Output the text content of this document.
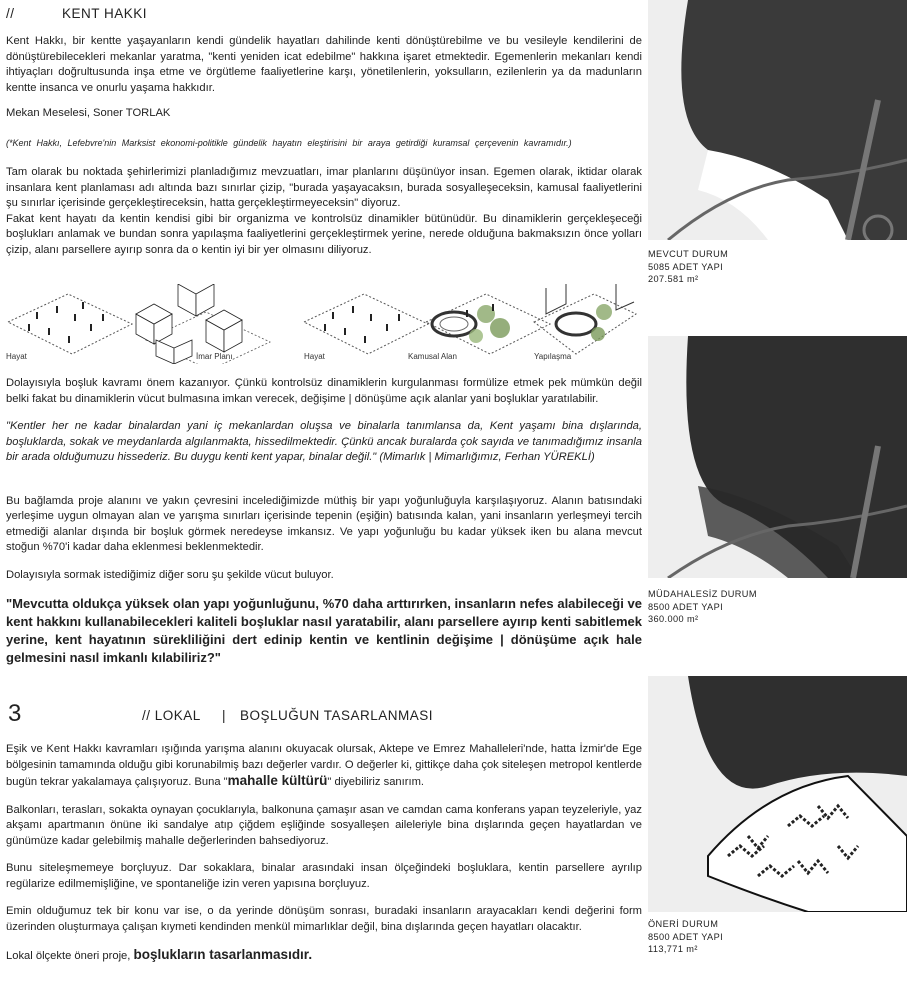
//	KENT HAKKI

Kent Hakkı, bir kentte yaşayanların kendi gündelik hayatları dahilinde kenti dönüştürebilme ve bu vesileyle kendilerini de dönüştürebilecekleri mekanlar yaratma, "kenti yeniden icat edebilme" hakkına işaret etmektedir. Egemenlerin mekanları kendi ihtiyaçları doğrultusunda inşa etme ve örgütleme faaliyetlerine karşı, yönetilenlerin, yoksulların, ezilenlerin ya da madunların kentte insanca ve onurlu yaşama hakkıdır.

Mekan Meselesi, Soner TORLAK

(*Kent Hakkı, Lefebvre'nin Marksist ekonomi-politikle gündelik hayatın eleştirisini bir araya getirdiği kuramsal çerçevenin kavramıdır.)

Tam olarak bu noktada şehirlerimizi planladığımız mevzuatları, imar planlarını düşünüyor insan. Egemen olarak, iktidar olarak insanlara kent planlaması adı altında bazı sınırlar çizip, "burada yaşayacaksın, burada sosyalleşeceksin, kamusal faaliyetlerini şu sınırlar içerisinde gerçekleştireceksin, hatta gerçekleştirmeyeceksin" diyoruz.

Fakat kent hayatı da kentin kendisi gibi bir organizma ve kontrolsüz dinamikler bütünüdür. Bu dinamiklerin gerçekleşeceği boşlukları anlamak ve bundan sonra yapılaşma faaliyetlerini gerçekleştirmek yerine, nerede olduğuna bakmaksızın önce yolları çizip, alanı parsellere ayırıp sonra da o kentin iyi bir yer olmasını diliyoruz.

Hayat	İmar Planı	Hayat	Kamusal Alan	Yapılaşma

Dolayısıyla boşluk kavramı önem kazanıyor. Çünkü kontrolsüz dinamiklerin kurgulanması formülize etmek pek mümkün değil belki fakat bu dinamiklerin vücut bulmasına imkan verecek, değişime | dönüşüme açık alanlar yani boşluklar yaratılabilir.

"Kentler her ne kadar binalardan yani iç mekanlardan oluşsa ve binalarla tanımlansa da, Kent yaşamı bina dışlarında, boşluklarda, sokak ve meydanlarda algılanmakta, hissedilmektedir. Çünkü ancak buralarda çok sayıda ve tanımadığımız insanla bir arada olduğumuzu hissederiz. Bu duygu kenti kent yapar, binalar değil." (Mimarlık | Mimarlığımız, Ferhan YÜREKLİ)

Bu bağlamda proje alanını ve yakın çevresini incelediğimizde müthiş bir yapı yoğunluğuyla karşılaşıyoruz. Alanın batısındaki yerleşime uygun olmayan alan ve yarışma sınırları içerisinde tepenin (eşiğin) batısında kalan, yani insanların yerleşmeyi tercih etmediği alanlar dışında bir boşluk görmek neredeyse imkansız. Ve yapı yoğunluğu bu kadar yüksek iken bu alana mevcut stoğun %70'i kadar daha eklenmesi beklenmektedir.

Dolayısıyla sormak istediğimiz diğer soru şu şekilde vücut buluyor.

"Mevcutta oldukça yüksek olan yapı yoğunluğunu, %70 daha arttırırken, insanların nefes alabileceği ve kent hakkını kullanabilecekleri kaliteli boşluklar nasıl yaratabilir, alanı parsellere ayırıp kenti sabitlemek yerine, kent hayatının sürekliliğini dert edinip kentin ve kentlinin değişime | dönüşüme açık hale gelmesini nasıl imkanlı kılabiliriz?"

3	// LOKAL | BOŞLUĞUN TASARLANMASI

Eşik ve Kent Hakkı kavramları ışığında yarışma alanını okuyacak olursak, Aktepe ve Emrez Mahalleleri'nde, hatta İzmir'de Ege bölgesinin tamamında olduğu gibi korunabilmiş bazı değerler vardır. O değerler ki, gittikçe daha çok siteleşen metropol kentlerde bugün tekrar yakalamaya çalışıyoruz. Buna "mahalle kültürü" diyebiliriz sanırım.

Balkonları, terasları, sokakta oynayan çocuklarıyla, balkonuna çamaşır asan ve camdan cama konferans yapan teyzeleriyle, yaz akşamı apartmanın önüne iki sandalye atıp çiğdem eşliğinde sosyalleşen aileleriyle bina dışlarında geçen hayatlardan ve günümüze kadar gelebilmiş mahalle değerlerinden bahsediyoruz.

Bunu siteleşmemeye borçluyuz. Dar sokaklara, binalar arasındaki insan ölçeğindeki boşluklara, kentin parsellere ayrılıp regülarize edilmemişliğine, ve spontaneliğe izin veren yapısına borçluyuz.

Emin olduğumuz tek bir konu var ise, o da yerinde dönüşüm sonrası, buradaki insanların arayacakları kendi değerini form üzerinden oluşturmaya çalışan kıymeti kendinden menkül mimarlıklar değil, bina dışlarında geçen hayatları olacaktır.

Lokal ölçekte öneri proje, boşlukların tasarlanmasıdır.

MEVCUT DURUM
5085 ADET YAPI
207.581 m²
MÜDAHALESİZ DURUM
8500 ADET YAPI
360.000 m²
ÖNERİ DURUM
8500 ADET YAPI
113,771 m²
